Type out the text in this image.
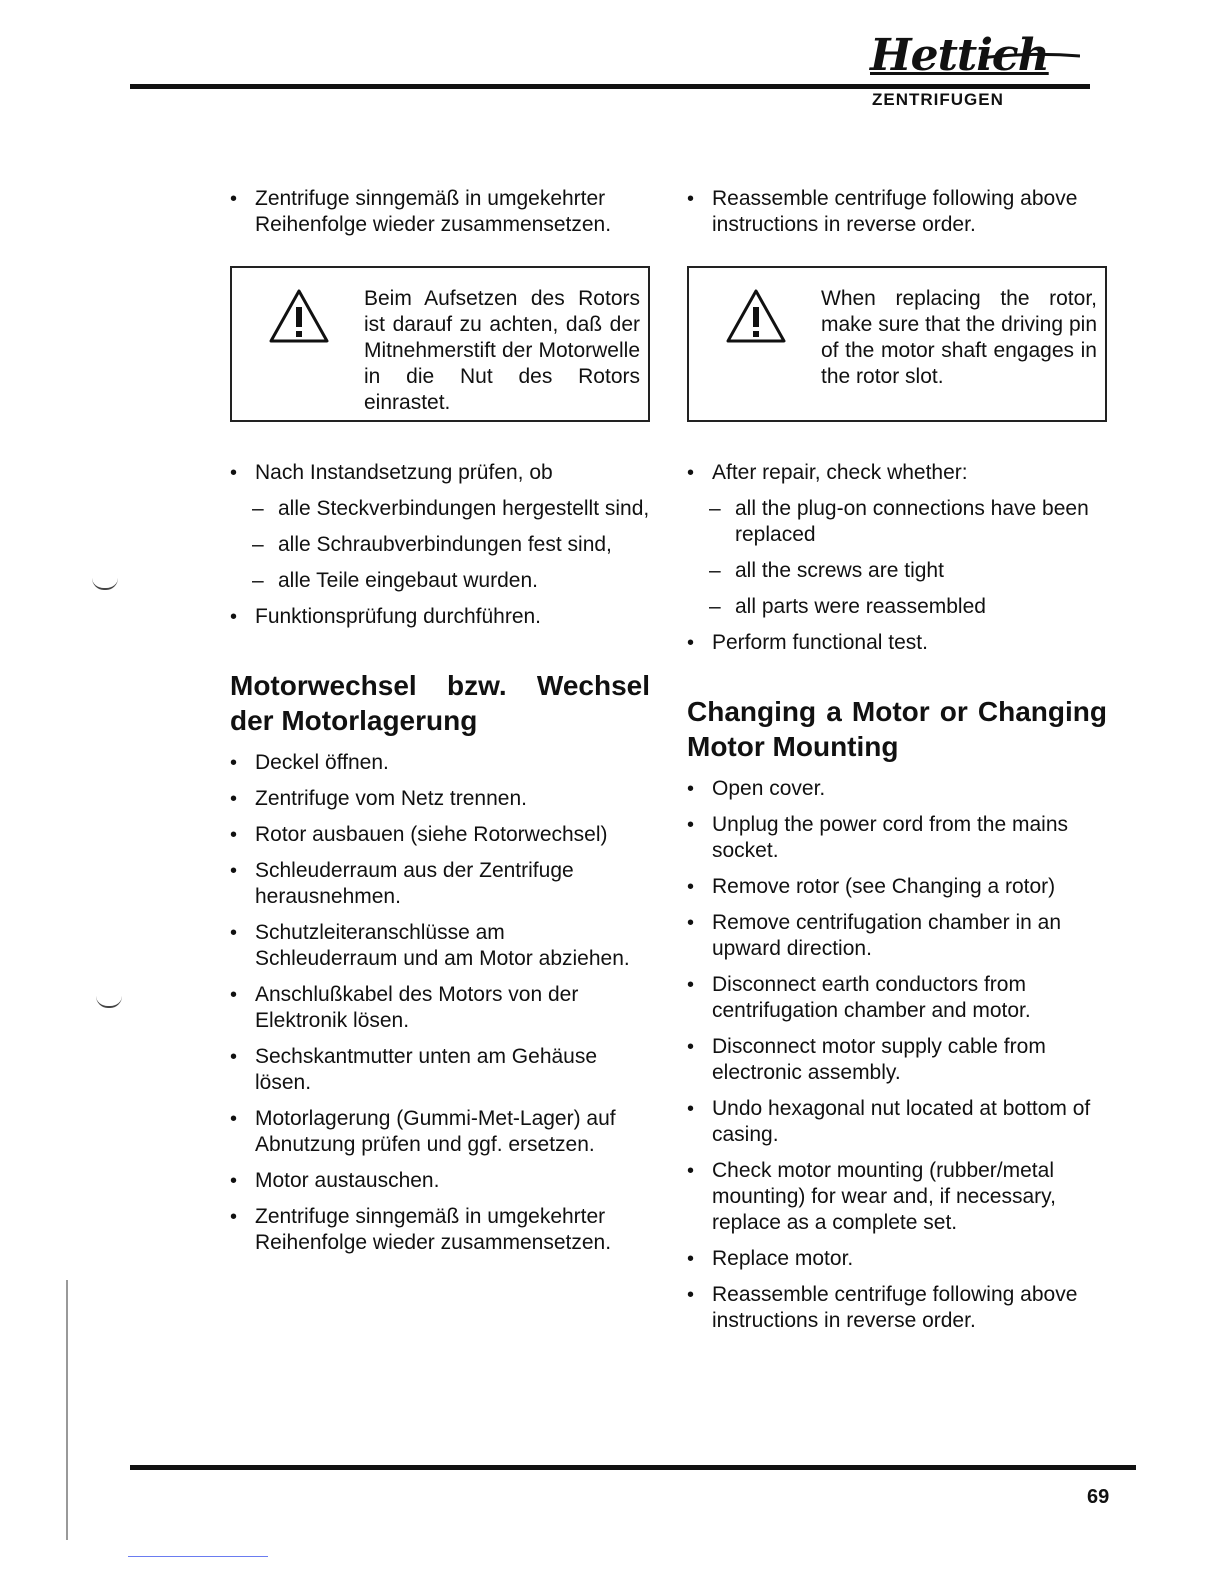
Hettich
ZENTRIFUGEN
• Zentrifuge sinngemäß in umgekehrter Reihenfolge wieder zusammensetzen.
Beim Aufsetzen des Rotors ist darauf zu achten, daß der Mitnehmerstift der Motorwelle in die Nut des Rotors einrastet.
• Nach Instandsetzung prüfen, ob
– alle Steckverbindungen hergestellt sind,
– alle Schraubverbindungen fest sind,
– alle Teile eingebaut wurden.
• Funktionsprüfung durchführen.
Motorwechsel bzw. Wechsel der Motorlagerung
• Deckel öffnen.
• Zentrifuge vom Netz trennen.
• Rotor ausbauen (siehe Rotorwechsel)
• Schleuderraum aus der Zentrifuge herausnehmen.
• Schutzleiteranschlüsse am Schleuderraum und am Motor abziehen.
• Anschlußkabel des Motors von der Elektronik lösen.
• Sechskantmutter unten am Gehäuse lösen.
• Motorlagerung (Gummi-Met-Lager) auf Abnutzung prüfen und ggf. ersetzen.
• Motor austauschen.
• Zentrifuge sinngemäß in umgekehrter Reihenfolge wieder zusammensetzen.
• Reassemble centrifuge following above instructions in reverse order.
When replacing the rotor, make sure that the driving pin of the motor shaft engages in the rotor slot.
• After repair, check whether:
– all the plug-on connections have been replaced
– all the screws are tight
– all parts were reassembled
• Perform functional test.
Changing a Motor or Changing Motor Mounting
• Open cover.
• Unplug the power cord from the mains socket.
• Remove rotor (see Changing a rotor)
• Remove centrifugation chamber in an upward direction.
• Disconnect earth conductors from centrifugation chamber and motor.
• Disconnect motor supply cable from electronic assembly.
• Undo hexagonal nut located at bottom of casing.
• Check motor mounting (rubber/metal mounting) for wear and, if necessary, replace as a complete set.
• Replace motor.
• Reassemble centrifuge following above instructions in reverse order.
69
